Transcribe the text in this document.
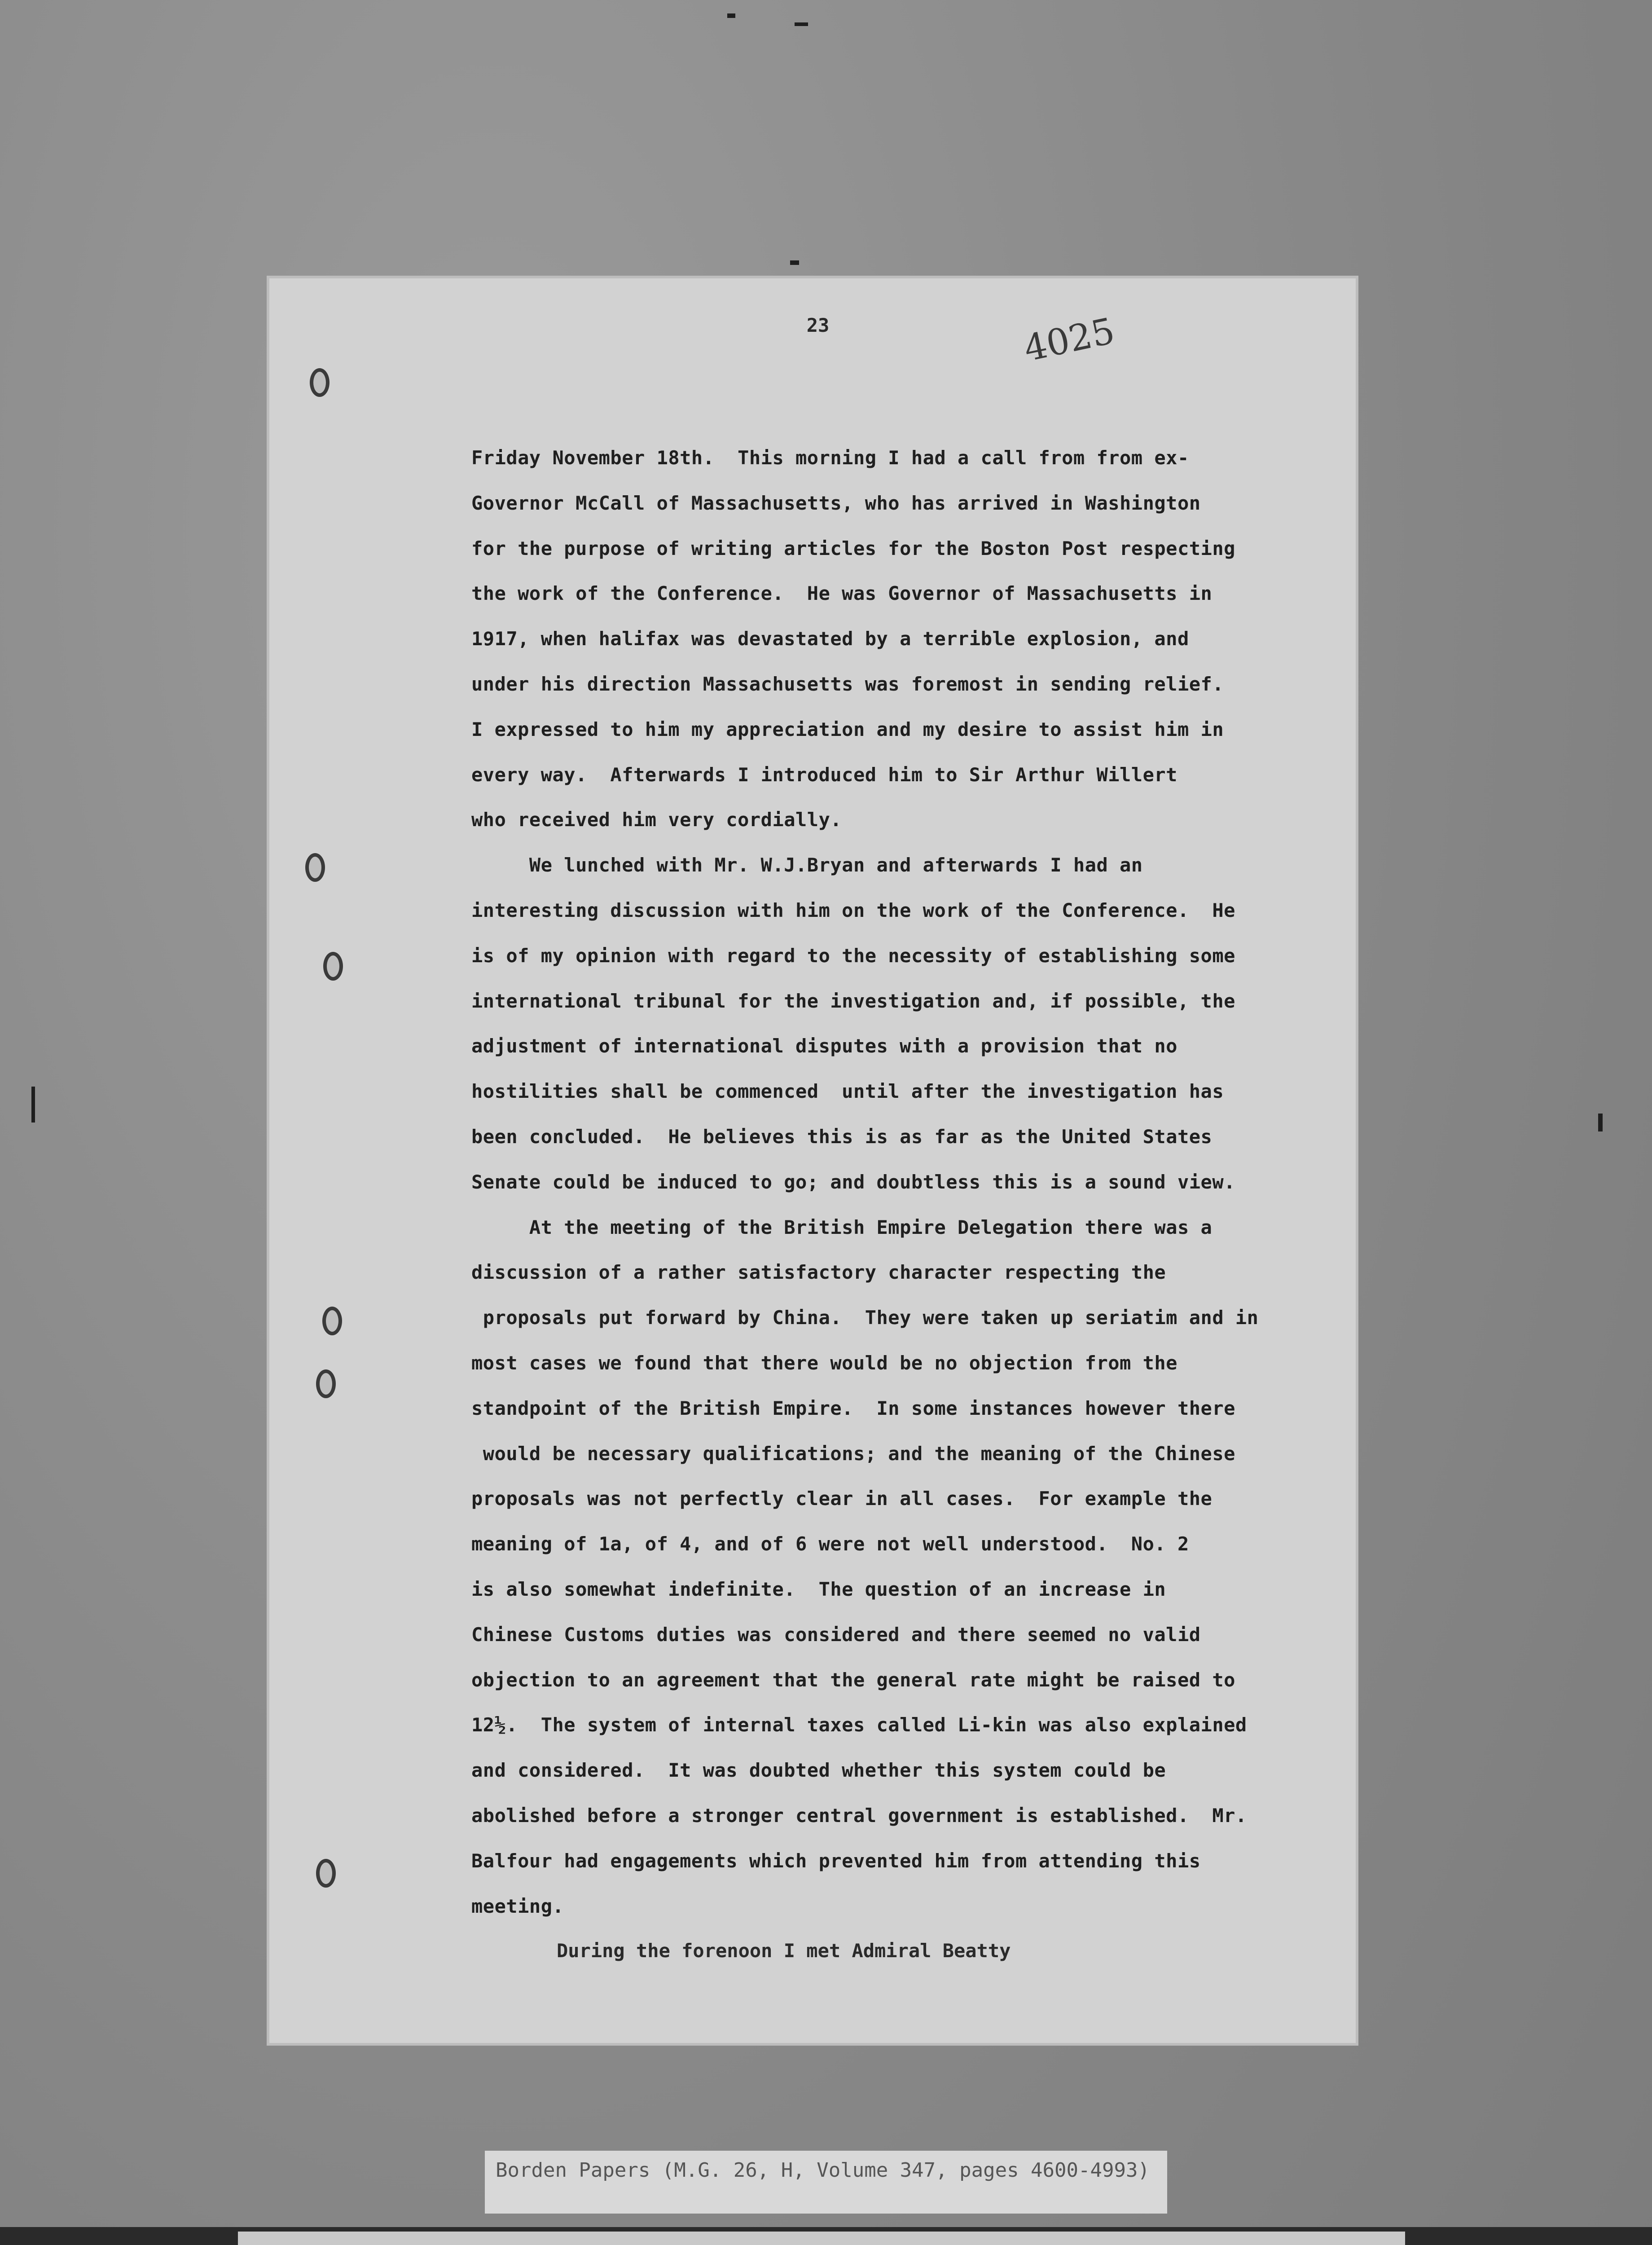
23	4025
Friday November 18th.  This morning I had a call from from ex-
Governor McCall of Massachusetts, who has arrived in Washington
for the purpose of writing articles for the Boston Post respecting
the work of the Conference.  He was Governor of Massachusetts in
1917, when halifax was devastated by a terrible explosion, and
under his direction Massachusetts was foremost in sending relief.
I expressed to him my appreciation and my desire to assist him in
every way.  Afterwards I introduced him to Sir Arthur Willert
who received him very cordially.
We lunched with Mr. W.J.Bryan and afterwards I had an
interesting discussion with him on the work of the Conference.  He
is of my opinion with regard to the necessity of establishing some
international tribunal for the investigation and, if possible, the
adjustment of international disputes with a provision that no
hostilities shall be commenced  until after the investigation has
been concluded.  He believes this is as far as the United States
Senate could be induced to go; and doubtless this is a sound view.
At the meeting of the British Empire Delegation there was a
discussion of a rather satisfactory character respecting the
proposals put forward by China.  They were taken up seriatim and in
most cases we found that there would be no objection from the
standpoint of the British Empire.  In some instances however there
would be necessary qualifications; and the meaning of the Chinese
proposals was not perfectly clear in all cases.  For example the
meaning of 1a, of 4, and of 6 were not well understood.  No. 2
is also somewhat indefinite.  The question of an increase in
Chinese Customs duties was considered and there seemed no valid
objection to an agreement that the general rate might be raised to
12½.  The system of internal taxes called Li-kin was also explained
and considered.  It was doubted whether this system could be
abolished before a stronger central government is established.  Mr.
Balfour had engagements which prevented him from attending this
meeting.
During the forenoon I met Admiral Beatty
Borden Papers (M.G. 26, H, Volume 347, pages 4600-4993)
